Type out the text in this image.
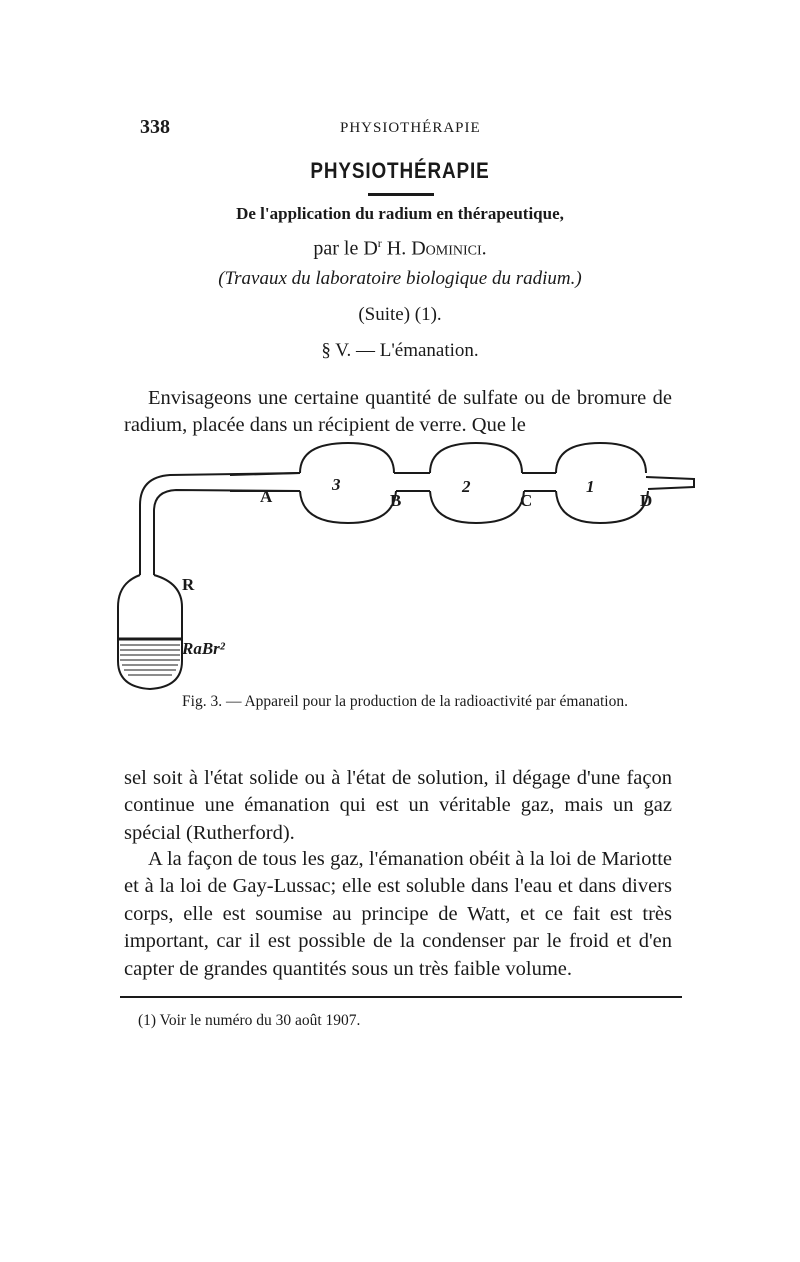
338	PHYSIOTHÉRAPIE
PHYSIOTHÉRAPIE
De l'application du radium en thérapeutique,
par le $D^r$ H. Dominici.
(Travaux du laboratoire biologique du radium.)
(Suite) (1).
§ V. — L'émanation.

Envisageons une certaine quantité de sulfate ou de bromure de radium, placée dans un récipient de verre. Que le

A	B	C	D
3	2	1
R
RaBr²
Fig. 3. — Appareil pour la production de la radioactivité par émanation.

sel soit à l'état solide ou à l'état de solution, il dégage d'une façon continue une émanation qui est un véritable gaz, mais un gaz spécial (Rutherford).

A la façon de tous les gaz, l'émanation obéit à la loi de Mariotte et à la loi de Gay-Lussac; elle est soluble dans l'eau et dans divers corps, elle est soumise au principe de Watt, et ce fait est très important, car il est possible de la condenser par le froid et d'en capter de grandes quantités sous un très faible volume.

(1) Voir le numéro du 30 août 1907.
